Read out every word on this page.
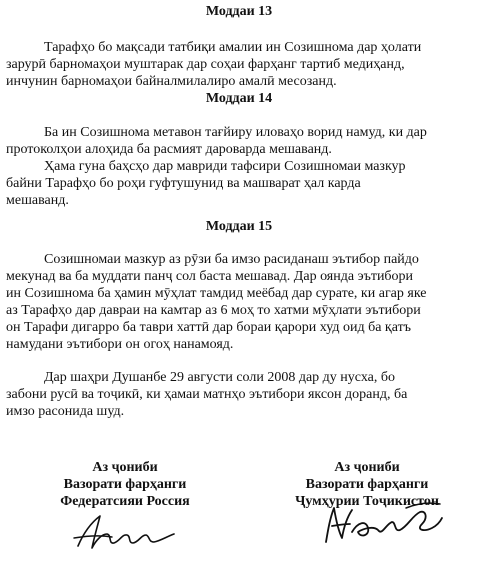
Моддаи 13

Тарафҳо бо мақсади татбиқи амалии ин Созишнома дар ҳолати
зарурӣ барномаҳои муштарак дар соҳаи фарҳанг тартиб медиҳанд,
инчунин барномаҳои байналмилалиро амалӣ месозанд.

Моддаи 14

Ба ин Созишнома метавон тағйиру иловаҳо ворид намуд, ки дар
протоколҳои алоҳида ба расмият дароварда мешаванд.

Ҳама гуна баҳсҳо дар мавриди тафсири Созишномаи мазкур
байни Тарафҳо бо роҳи гуфтушунид ва машварат ҳал карда
мешаванд.

Моддаи 15

Созишномаи мазкур аз рӯзи ба имзо расиданаш эътибор пайдо
мекунад ва ба муддати панҷ сол баста мешавад. Дар оянда эътибори
ин Созишнома ба ҳамин мӯҳлат тамдид меёбад дар сурате, ки агар яке
аз Тарафҳо дар давраи на камтар аз 6 моҳ то хатми мӯҳлати эътибори
он Тарафи дигарро ба таври хаттӣ дар бораи қарори худ оид ба қатъ
намудани эътибори он огоҳ нанамояд.

Дар шаҳри Душанбе 29 августи соли 2008 дар ду нусха, бо
забони русӣ ва тоҷикӣ, ки ҳамаи матнҳо эътибори яксон доранд, ба
имзо расонида шуд.

Аз ҷониби
Вазорати фарҳанги
Федератсияи Россия
Аз ҷониби
Вазорати фарҳанги
Ҷумҳурии Тоҷикистон
